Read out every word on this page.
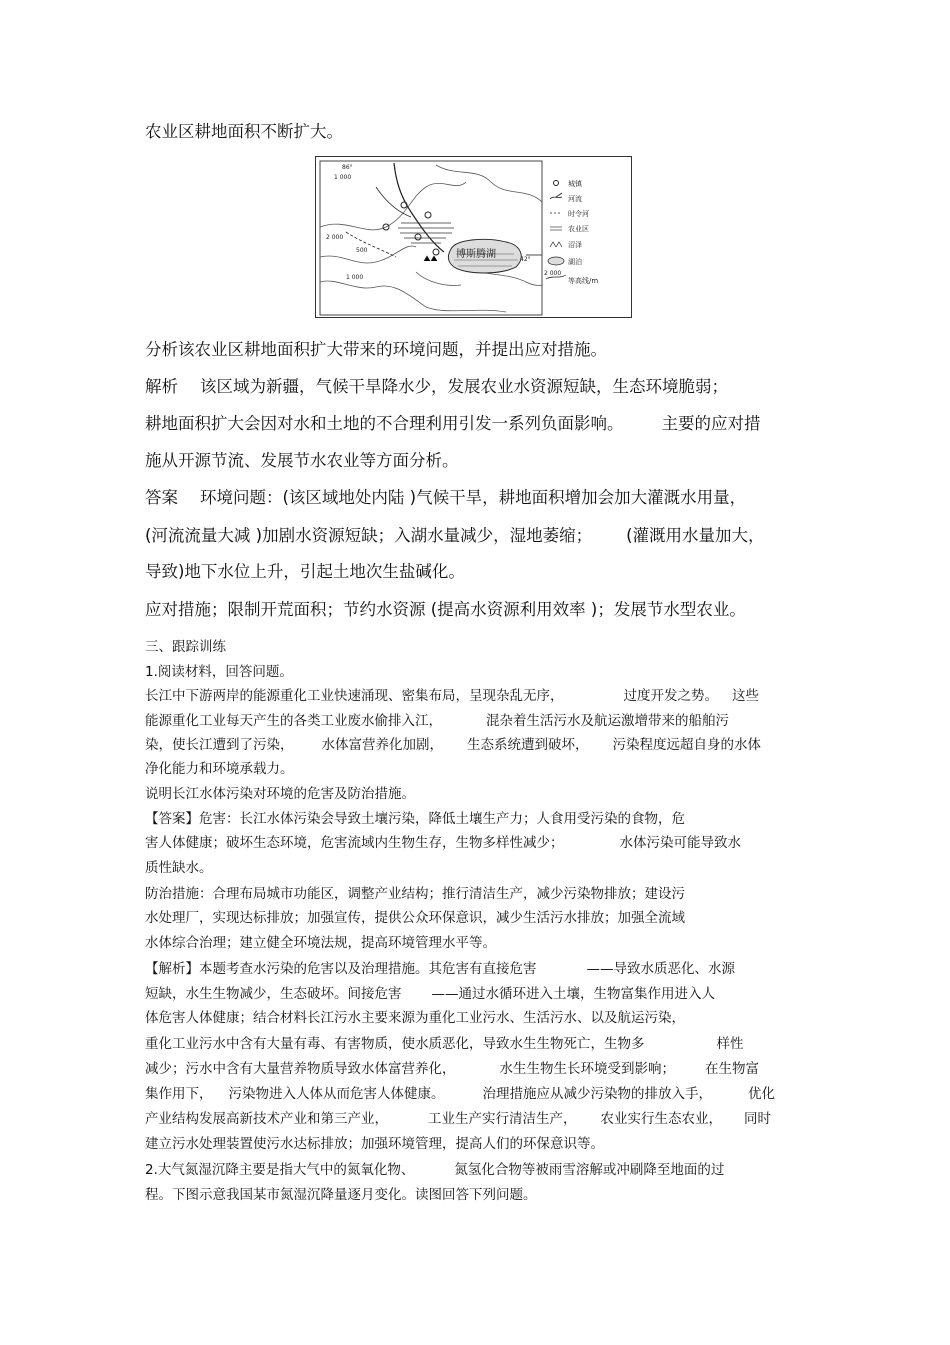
农业区耕地面积不断扩大。
博斯腾湖	42°
86°
1 000
2 000
500
1 000
城镇
河流
时令河
农业区
沼泽
湖泊
2 000
等高线/m
分析该农业区耕地面积扩大带来的环境问题，并提出应对措施。
解析 该区域为新疆，气候干旱降水少，发展农业水资源短缺，生态环境脆弱；
耕地面积扩大会因对水和土地的不合理利用引发一系列负面影响。 主要的应对措
施从开源节流、发展节水农业等方面分析。
答案 环境问题：(该区域地处内陆 )气候干旱，耕地面积增加会加大灌溉水用量，
(河流流量大减 )加剧水资源短缺；入湖水量减少，湿地萎缩； (灌溉用水量加大，
导致)地下水位上升，引起土地次生盐碱化。
应对措施；限制开荒面积；节约水资源 (提高水资源利用效率 )；发展节水型农业。
三、跟踪训练
1.阅读材料，回答问题。
长江中下游两岸的能源重化工业快速涌现、密集布局，呈现杂乱无序，	过度开发之势。 这些
能源重化工业每天产生的各类工业废水偷排入江，	混杂着生活污水及航运激增带来的船舶污
染，使长江遭到了污染， 水体富营养化加剧， 生态系统遭到破坏， 污染程度远超自身的水体
净化能力和环境承载力。
说明长江水体污染对环境的危害及防治措施。
【答案】危害：长江水体污染会导致土壤污染，降低土壤生产力；人食用受污染的食物，危
害人体健康；破坏生态环境，危害流域内生物生存，生物多样性减少；	水体污染可能导致水
质性缺水。
防治措施：合理布局城市功能区，调整产业结构；推行清洁生产，减少污染物排放；建设污
水处理厂，实现达标排放；加强宣传，提供公众环保意识，减少生活污水排放；加强全流域
水体综合治理；建立健全环境法规，提高环境管理水平等。
【解析】本题考查水污染的危害以及治理措施。其危害有直接危害	——导致水质恶化、水源
短缺，水生生物减少，生态破坏。间接危害 ——通过水循环进入土壤，生物富集作用进入人
体危害人体健康；结合材料长江污水主要来源为重化工业污水、生活污水、以及航运污染，
重化工业污水中含有大量有毒、有害物质，使水质恶化，导致水生生物死亡，生物多	样性
减少；污水中含有大量营养物质导致水体富营养化，	水生生物生长环境受到影响； 在生物富
集作用下， 污染物进入人体从而危害人体健康。	治理措施应从减少污染物的排放入手，	优化
产业结构发展高新技术产业和第三产业，	工业生产实行清洁生产， 农业实行生态农业， 同时
建立污水处理装置使污水达标排放；加强环境管理，提高人们的环保意识等。
2.大气氮湿沉降主要是指大气中的氮氧化物、	氮氢化合物等被雨雪溶解或冲刷降至地面的过
程。下图示意我国某市氮湿沉降量逐月变化。读图回答下列问题。
